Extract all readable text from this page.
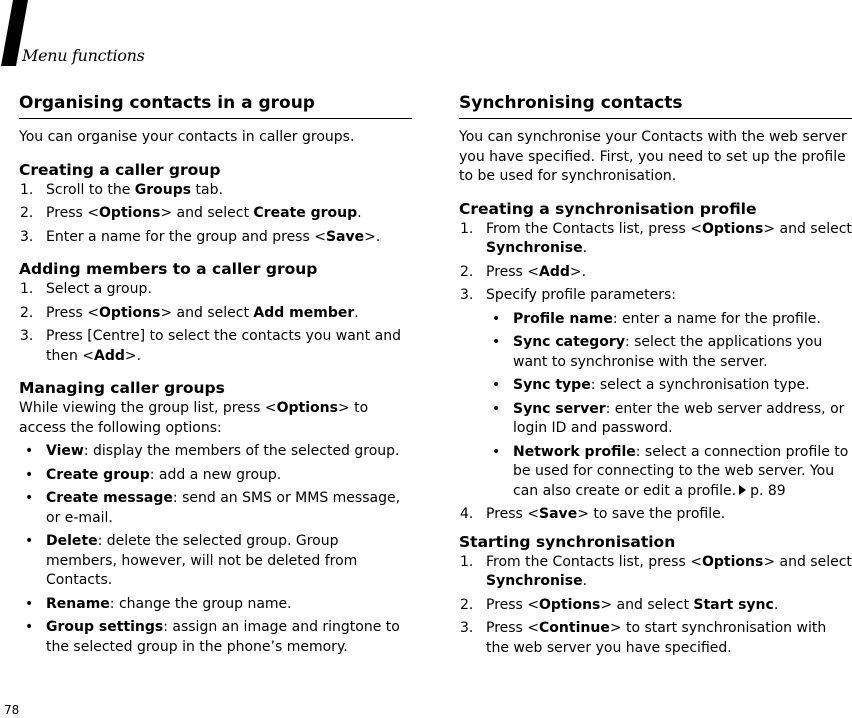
Menu functions
Organising contacts in a group

You can organise your contacts in caller groups.

Creating a caller group
1. Scroll to the Groups tab.
2. Press <Options> and select Create group.
3. Enter a name for the group and press <Save>.
Adding members to a caller group
1. Select a group.
2. Press <Options> and select Add member.
3. Press [Centre] to select the contacts you want and then <Add>.
Managing caller groups

While viewing the group list, press <Options> to access the following options:

• View: display the members of the selected group.
• Create group: add a new group.
• Create message: send an SMS or MMS message, or e-mail.
• Delete: delete the selected group. Group members, however, will not be deleted from Contacts.
• Rename: change the group name.
• Group settings: assign an image and ringtone to the selected group in the phone’s memory.
Synchronising contacts

You can synchronise your Contacts with the web server you have specified. First, you need to set up the profile to be used for synchronisation.

Creating a synchronisation profile
1. From the Contacts list, press <Options> and select Synchronise.
2. Press <Add>.
3. Specify profile parameters:
• Profile name: enter a name for the profile.
• Sync category: select the applications you want to synchronise with the server.
• Sync type: select a synchronisation type.
• Sync server: enter the web server address, or login ID and password.
• Network profile: select a connection profile to be used for connecting to the web server. You can also create or edit a profile. p. 89
4. Press <Save> to save the profile.
Starting synchronisation
1. From the Contacts list, press <Options> and select Synchronise.
2. Press <Options> and select Start sync.
3. Press <Continue> to start synchronisation with the web server you have specified.
78
